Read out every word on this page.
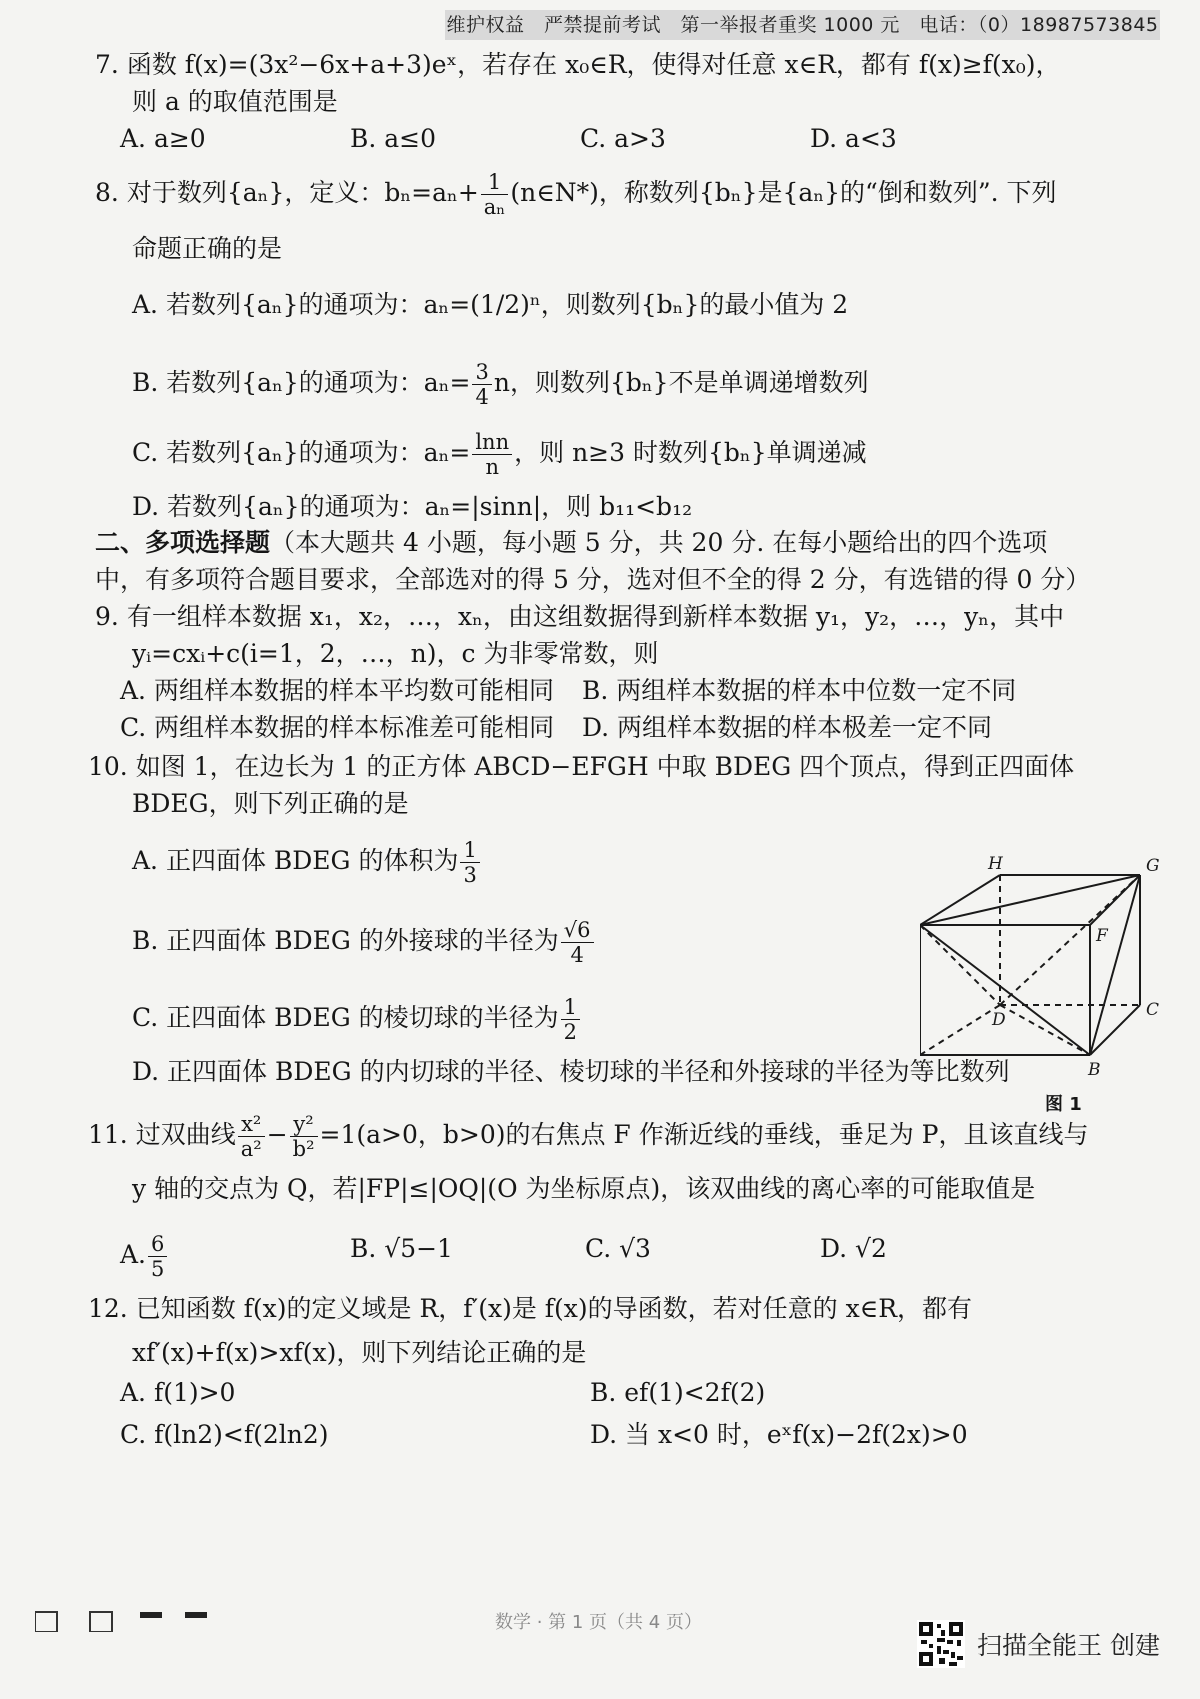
维护权益　严禁提前考试　第一举报者重奖 1000 元　电话：（0）18987573845
7. 函数 f(x)=(3x²−6x+a+3)eˣ，若存在 x₀∈R，使得对任意 x∈R，都有 f(x)≥f(x₀)，
则 a 的取值范围是
A. a≥0	B. a≤0	C. a>3	D. a<3
8. 对于数列{aₙ}，定义：$b_n=a_n+ \frac{1}{\text{aₙ}}$ (n∈N*)，称数列{bₙ}是{aₙ}的“倒和数列”. 下列
命题正确的是
A. 若数列{aₙ}的通项为：aₙ=(1/2)ⁿ，则数列{bₙ}的最小值为 2
B. 若数列{aₙ}的通项为：$a_n= \frac{3}{4}$ n，则数列{bₙ}不是单调递增数列
C. 若数列{aₙ}的通项为：$a_n= \frac{\ln n}{n}$ ，则 n≥3 时数列{bₙ}单调递减
D. 若数列{aₙ}的通项为：aₙ=|sinn|，则 b₁₁<b₁₂
二、多项选择题（本大题共 4 小题，每小题 5 分，共 20 分. 在每小题给出的四个选项
中，有多项符合题目要求，全部选对的得 5 分，选对但不全的得 2 分，有选错的得 0 分）
9. 有一组样本数据 x₁，x₂，…，xₙ，由这组数据得到新样本数据 y₁，y₂，…，yₙ，其中
yᵢ=cxᵢ+c(i=1，2，…，n)，c 为非零常数，则
A. 两组样本数据的样本平均数可能相同 B. 两组样本数据的样本中位数一定不同
C. 两组样本数据的样本标准差可能相同 D. 两组样本数据的样本极差一定不同
10. 如图 1，在边长为 1 的正方体 ABCD−EFGH 中取 BDEG 四个顶点，得到正四面体
BDEG，则下列正确的是
A. 正四面体 BDEG 的体积为 $\frac{1}{3}$
B. 正四面体 BDEG 的外接球的半径为 $\frac{√6}{4}$
C. 正四面体 BDEG 的棱切球的半径为 $\frac{1}{2}$
D. 正四面体 BDEG 的内切球的半径、棱切球的半径和外接球的半径为等比数列
H	G
F
D	C
B
图 1
11. 过双曲线 $\frac{\text{x²}}{\text{a²}} - \frac{\text{y²}}{\text{b²}} =1(a>0$，b>0)的右焦点 F 作渐近线的垂线，垂足为 P，且该直线与
y 轴的交点为 Q，若|FP|≤|OQ|(O 为坐标原点)，该双曲线的离心率的可能取值是
A. $\frac{6}{5}$	B. √5−1	C. √3	D. √2
12. 已知函数 f(x)的定义域是 R，f′(x)是 f(x)的导函数，若对任意的 x∈R，都有
xf′(x)+f(x)>xf(x)，则下列结论正确的是
A. f(1)>0	B. ef(1)<2f(2)
C. f(ln2)<f(2ln2)	D. 当 x<0 时，eˣf(x)−2f(2x)>0
数学 · 第 1 页（共 4 页）
扫描全能王 创建
